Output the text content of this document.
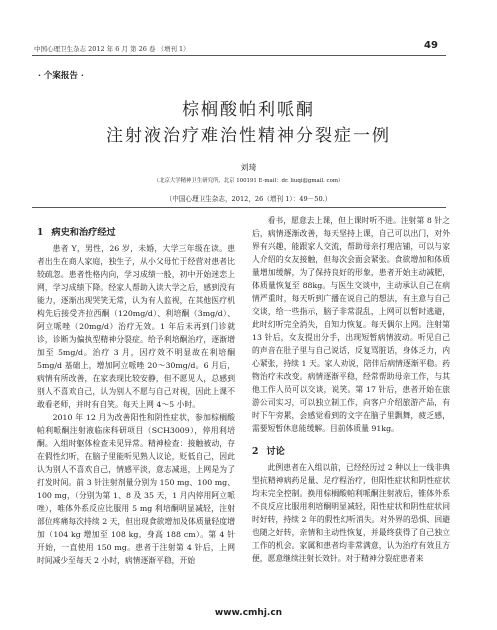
中国心理卫生杂志 2012 年 6 月 第 26 卷 （增刊 1）	49
· 个案报告 ·
棕榈酸帕利哌酮
注射液治疗难治性精神分裂症一例
刘琦
（北京大学精神卫生研究所，北京 100191 E-mail：dr. liuqi@gmail. com）
（中国心理卫生杂志，2012，26（增刊 1）：49－50.）
1 病史和治疗经过

患者 Y，男性，26 岁，未婚，大学三年级在读。患者出生在商人家庭，独生子，从小父母忙于经营对患者比较疏忽。患者性格内向，学习成绩一般，初中开始迷恋上网，学习成绩下降。经家人帮助入读大学之后，感到没有能力，逐渐出现哭笑无常，认为有人监视，在其他医疗机构先后接受齐拉西酮（120mg/d）、利培酮（3mg/d）、阿立哌唑（20mg/d）治疗无效。1 年后未再到门诊就诊，诊断为偏执型精神分裂症。给予利培酮治疗，逐渐增加至 5mg/d。治疗 3 月，因疗效不明显故在利培酮 5mg/d 基础上，增加阿立哌唑 20～30mg/d。6 月后，病情有所改善，在家表现比较安静，但不愿见人，总感到别人不喜欢自己，认为别人不愿与自己对视，因此上课不敢看老师，并时有自笑。每天上网 4～5 小时。

2010 年 12 月为改善阳性和阴性症状，参加棕榈酸帕利哌酮注射液临床科研项目（SCH3009），停用利培酮。入组时躯体检查未见异常。精神检查：接触被动，存在假性幻听，在脑子里能听见熟人议论，贬低自己，因此认为别人不喜欢自己，情感平淡，意志减退，上网是为了打发时间。前 3 针注射剂量分别为 150 mg、100 mg、100 mg，（分别为第 1、8 及 35 天，1 月内停用阿立哌唑），唯体外系反应比服用 5 mg 利培酮明显减轻，注射部位疼痛每次持续 2 天，但出现食欲增加及体质量轻度增加（104 kg 增加至 108 kg，身高 188 cm）。第 4 针开始，一直使用 150 mg。患者于注射第 4 针后，上网时间减少至每天 2 小时，病情逐渐平稳，开始

看书，愿意去上课，但上课时听不进。注射第 8 针之后，病情逐渐改善，每天坚持上课，自己可以出门，对外界有兴趣，能跟家人交流，帮助母亲打理店铺，可以与家人介绍的女友接触，但每次会面会紧张。食欲增加和体质量增加缓解，为了保持良好的形象，患者开始主动减肥，体质量恢复至 88kg。与医生交谈中，主动承认自己在病情严重时，每天听到广播在说自己的想法，有主意与自己交谈，给一些指示，脑子非常混乱，上网可以暂时逃避，此时幻听完全消失，自知力恢复。每天偶尔上网。注射第 13 针后，女友提出分手，出现短暂病情波动。听见自己的声音在肚子里与自己说话，反复骂脏话，身体乏力，内心紧张，持续 1 天。家人劝说，陪伴后病情逐渐平稳。药物治疗未改变。病情逐渐平稳，经常帮助母亲工作，与其他工作人员可以交谈，说笑。第 17 针后，患者开始在旅游公司实习，可以独立制工作，向客户介绍旅游产品，有时下午旁累，会感觉看到的文字在脑子里飘舞，疲乏感，需要短暂休息能缓解。目前体质量 91kg。

2 讨论

此例患者在入组以前，已经经历过 2 种以上一线非典型抗精神病药足量、足疗程治疗，但阳性症状和阴性症状均未完全控制。换用棕榈酸帕利哌酮注射液后，锥体外系不良反应比服用利培酮明显减轻，阳性症状和阴性症状同时好转，持续 2 年的假性幻听消失。对外界的恐惧、回避也随之好转，亲情和主动性恢复，并最终获得了自己独立工作的机会。家属和患者均非常满意，认为治疗有效且方便，愿意继续注射长效针。对于精神分裂症患者来

www.cmhj.cn
